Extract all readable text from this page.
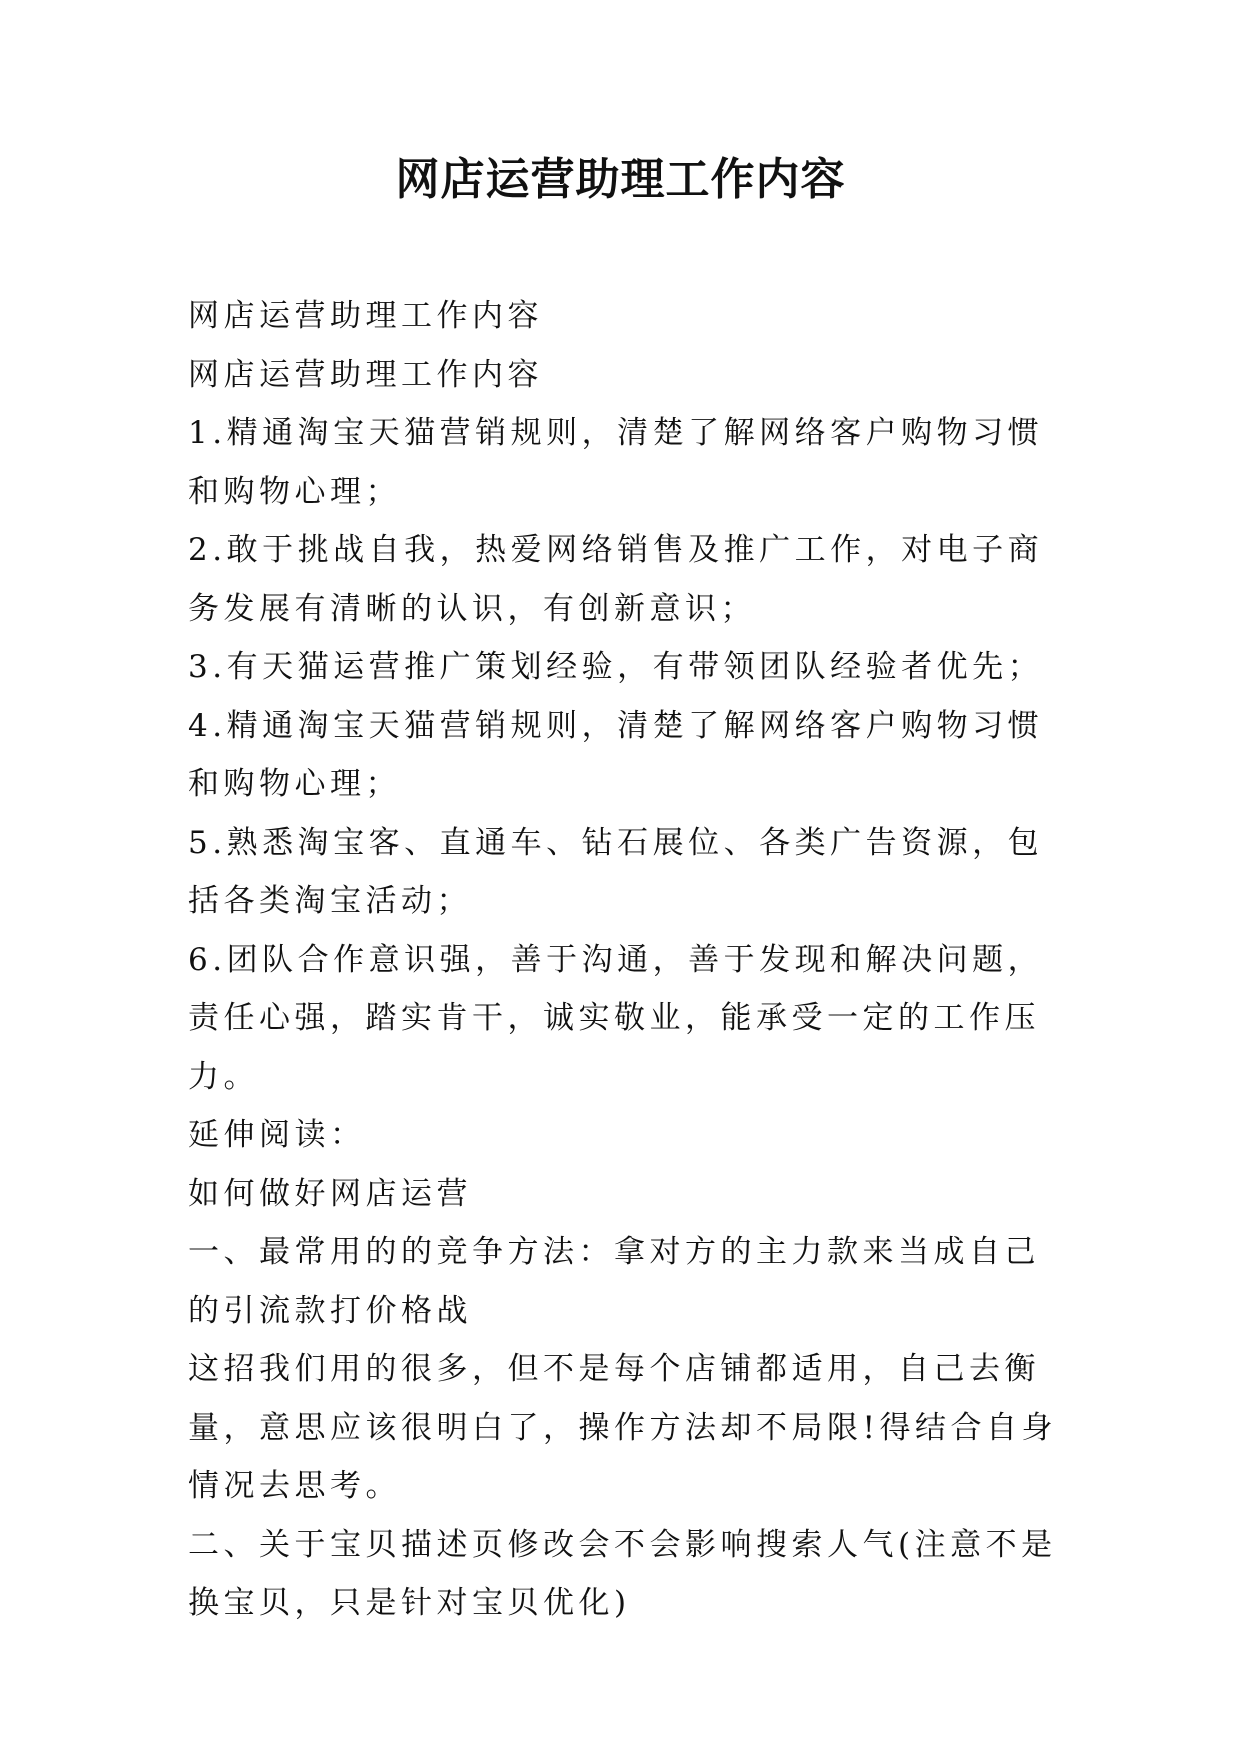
网店运营助理工作内容

网店运营助理工作内容

网店运营助理工作内容

1.精通淘宝天猫营销规则，清楚了解网络客户购物习惯和购物心理；

2.敢于挑战自我，热爱网络销售及推广工作，对电子商务发展有清晰的认识，有创新意识；

3.有天猫运营推广策划经验，有带领团队经验者优先；

4.精通淘宝天猫营销规则，清楚了解网络客户购物习惯和购物心理；

5.熟悉淘宝客、直通车、钻石展位、各类广告资源，包括各类淘宝活动；

6.团队合作意识强，善于沟通，善于发现和解决问题，责任心强，踏实肯干，诚实敬业，能承受一定的工作压力。

延伸阅读：

如何做好网店运营

一、最常用的的竞争方法：拿对方的主力款来当成自己的引流款打价格战

这招我们用的很多，但不是每个店铺都适用，自己去衡量，意思应该很明白了，操作方法却不局限!得结合自身情况去思考。

二、关于宝贝描述页修改会不会影响搜索人气(注意不是换宝贝，只是针对宝贝优化)
